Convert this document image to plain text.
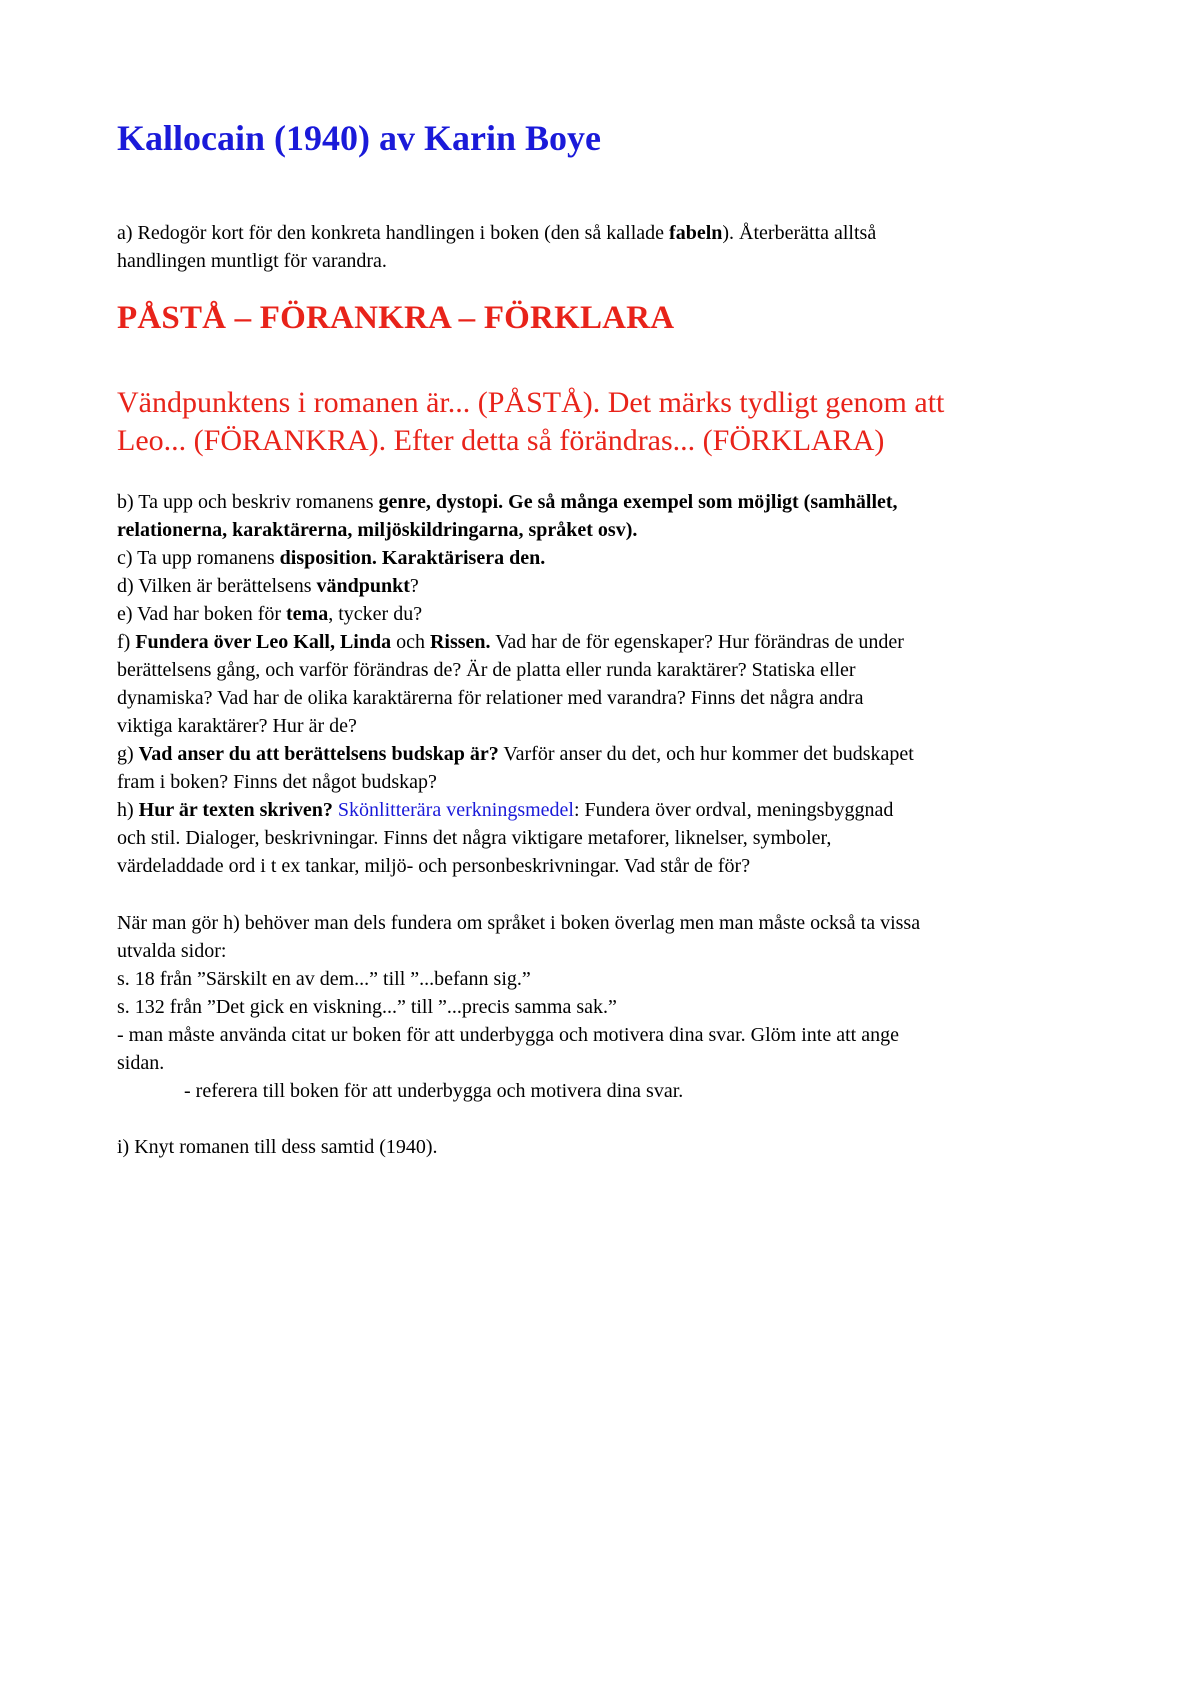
Kallocain (1940) av Karin Boye
a) Redogör kort för den konkreta handlingen i boken (den så kallade fabeln). Återberätta alltså
handlingen muntligt för varandra.
PÅSTÅ – FÖRANKRA – FÖRKLARA
Vändpunktens i romanen är... (PÅSTÅ). Det märks tydligt genom att
Leo... (FÖRANKRA). Efter detta så förändras... (FÖRKLARA)
b) Ta upp och beskriv romanens genre, dystopi. Ge så många exempel som möjligt (samhället,
relationerna, karaktärerna, miljöskildringarna, språket osv).
c) Ta upp romanens disposition. Karaktärisera den.
d) Vilken är berättelsens vändpunkt?
e) Vad har boken för tema, tycker du?
f) Fundera över Leo Kall, Linda och Rissen. Vad har de för egenskaper? Hur förändras de under
berättelsens gång, och varför förändras de? Är de platta eller runda karaktärer? Statiska eller
dynamiska? Vad har de olika karaktärerna för relationer med varandra? Finns det några andra
viktiga karaktärer? Hur är de?
g) Vad anser du att berättelsens budskap är? Varför anser du det, och hur kommer det budskapet
fram i boken? Finns det något budskap?
h) Hur är texten skriven? Skönlitterära verkningsmedel: Fundera över ordval, meningsbyggnad
och stil. Dialoger, beskrivningar. Finns det några viktigare metaforer, liknelser, symboler,
värdeladdade ord i t ex tankar, miljö- och personbeskrivningar. Vad står de för?
När man gör h) behöver man dels fundera om språket i boken överlag men man måste också ta vissa
utvalda sidor:
s. 18 från ”Särskilt en av dem...” till ”...befann sig.”
s. 132 från ”Det gick en viskning...” till ”...precis samma sak.”
- man måste använda citat ur boken för att underbygga och motivera dina svar. Glöm inte att ange
sidan.
- referera till boken för att underbygga och motivera dina svar.
i) Knyt romanen till dess samtid (1940).
